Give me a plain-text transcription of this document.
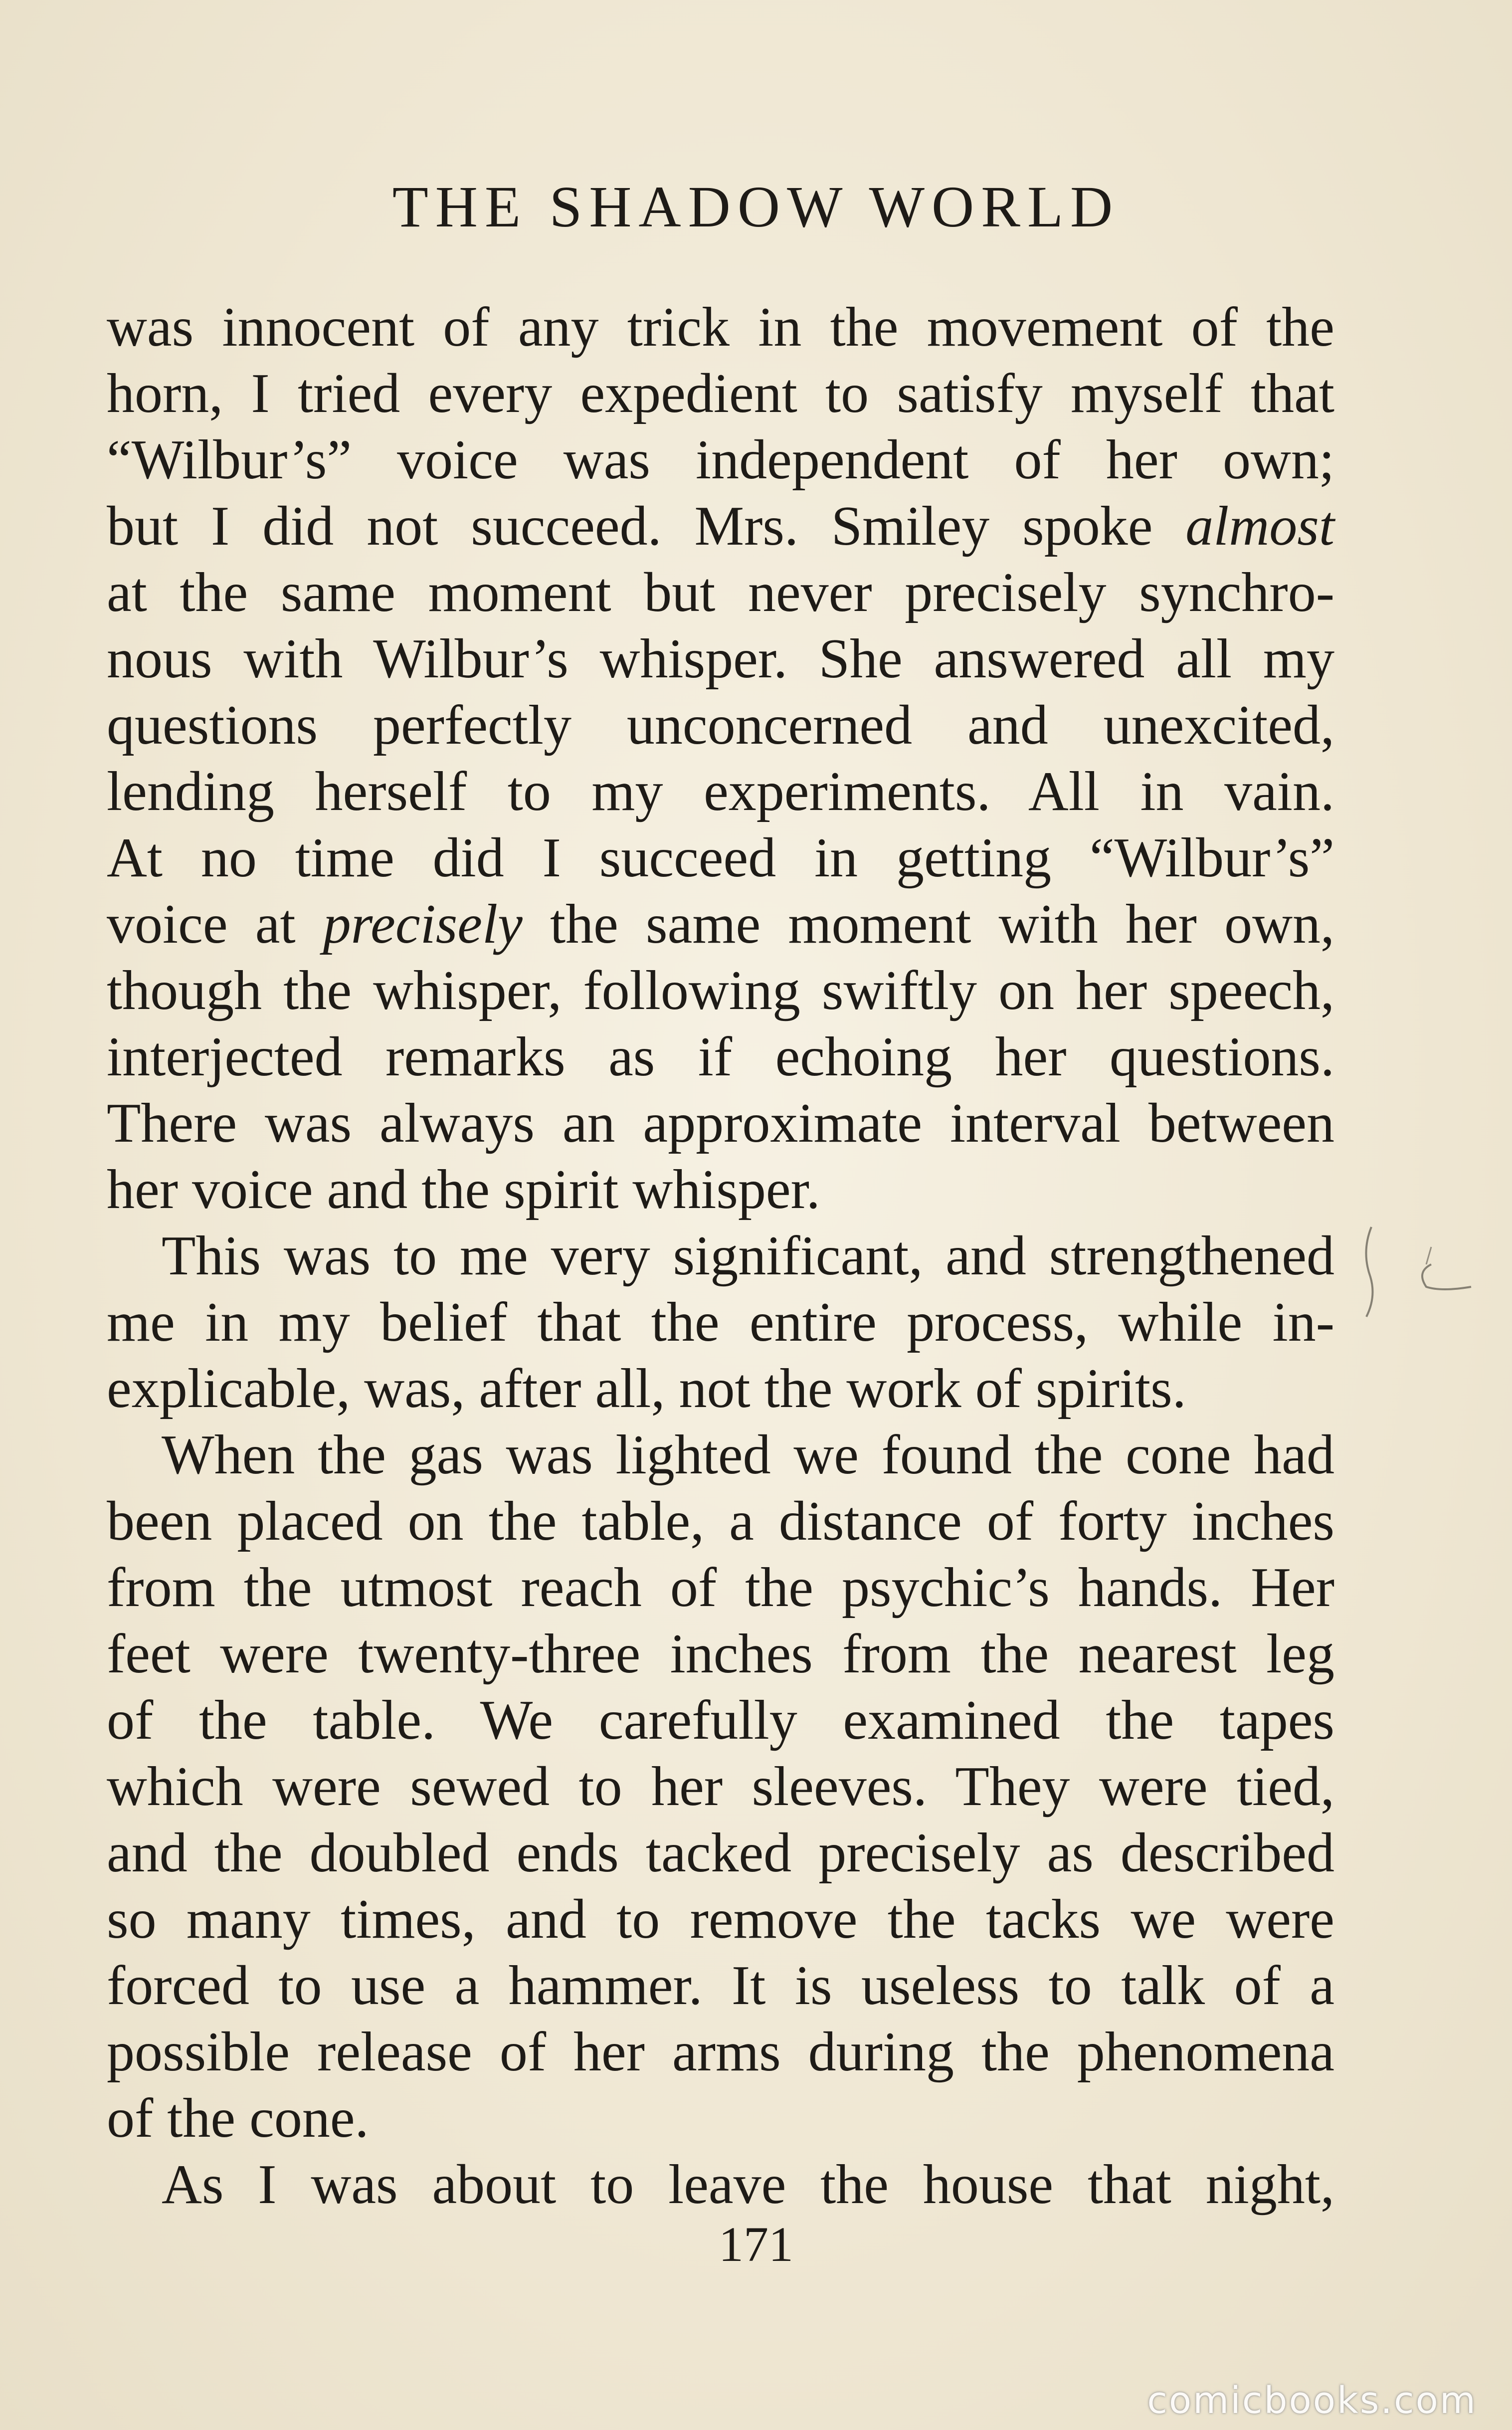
THE SHADOW WORLD
was innocent of any trick in the movement of the
horn, I tried every expedient to satisfy myself that
“Wilbur’s” voice was independent of her own;
but I did not succeed. Mrs. Smiley spoke almost
at the same moment but never precisely synchro-
nous with Wilbur’s whisper. She answered all my
questions perfectly unconcerned and unexcited,
lending herself to my experiments. All in vain.
At no time did I succeed in getting “Wilbur’s”
voice at precisely the same moment with her own,
though the whisper, following swiftly on her speech,
interjected remarks as if echoing her questions.
There was always an approximate interval between
her voice and the spirit whisper.
This was to me very significant, and strengthened
me in my belief that the entire process, while in-
explicable, was, after all, not the work of spirits.
When the gas was lighted we found the cone had
been placed on the table, a distance of forty inches
from the utmost reach of the psychic’s hands. Her
feet were twenty-three inches from the nearest leg
of the table. We carefully examined the tapes
which were sewed to her sleeves. They were tied,
and the doubled ends tacked precisely as described
so many times, and to remove the tacks we were
forced to use a hammer. It is useless to talk of a
possible release of her arms during the phenomena
of the cone.
As I was about to leave the house that night,
171
comicbooks.com
